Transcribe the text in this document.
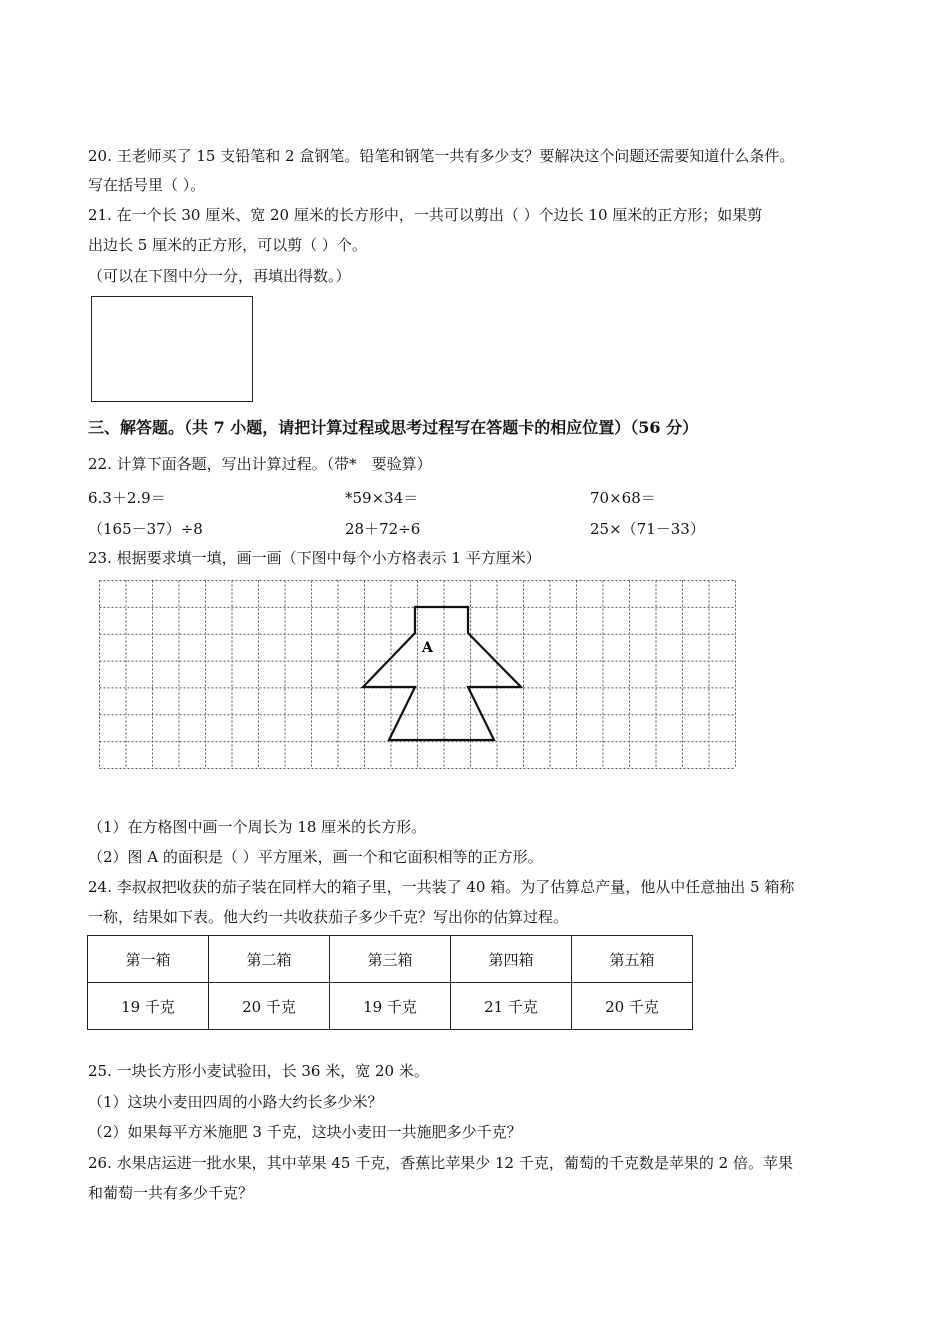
20. 王老师买了 15 支铅笔和 2 盒钢笔。铅笔和钢笔一共有多少支？要解决这个问题还需要知道什么条件。
写在括号里（ ）。
21. 在一个长 30 厘米、宽 20 厘米的长方形中，一共可以剪出（ ）个边长 10 厘米的正方形；如果剪
出边长 5 厘米的正方形，可以剪（ ）个。
（可以在下图中分一分，再填出得数。）
三、解答题。（共 7 小题，请把计算过程或思考过程写在答题卡的相应位置）（56 分）
22. 计算下面各题，写出计算过程。（带*　要验算）
6.3＋2.9＝	*59×34＝	70×68＝
（165－37）÷8	28＋72÷6	25×（71－33）
23. 根据要求填一填，画一画（下图中每个小方格表示 1 平方厘米）
A
（1）在方格图中画一个周长为 18 厘米的长方形。
（2）图 A 的面积是（ ）平方厘米，画一个和它面积相等的正方形。
24. 李叔叔把收获的茄子装在同样大的箱子里，一共装了 40 箱。为了估算总产量，他从中任意抽出 5 箱称
一称，结果如下表。他大约一共收获茄子多少千克？写出你的估算过程。
第一箱	第二箱	第三箱	第四箱	第五箱
19 千克	20 千克	19 千克	21 千克	20 千克
25. 一块长方形小麦试验田，长 36 米，宽 20 米。
（1）这块小麦田四周的小路大约长多少米？
（2）如果每平方米施肥 3 千克，这块小麦田一共施肥多少千克？
26. 水果店运进一批水果，其中苹果 45 千克，香蕉比苹果少 12 千克，葡萄的千克数是苹果的 2 倍。苹果
和葡萄一共有多少千克？
